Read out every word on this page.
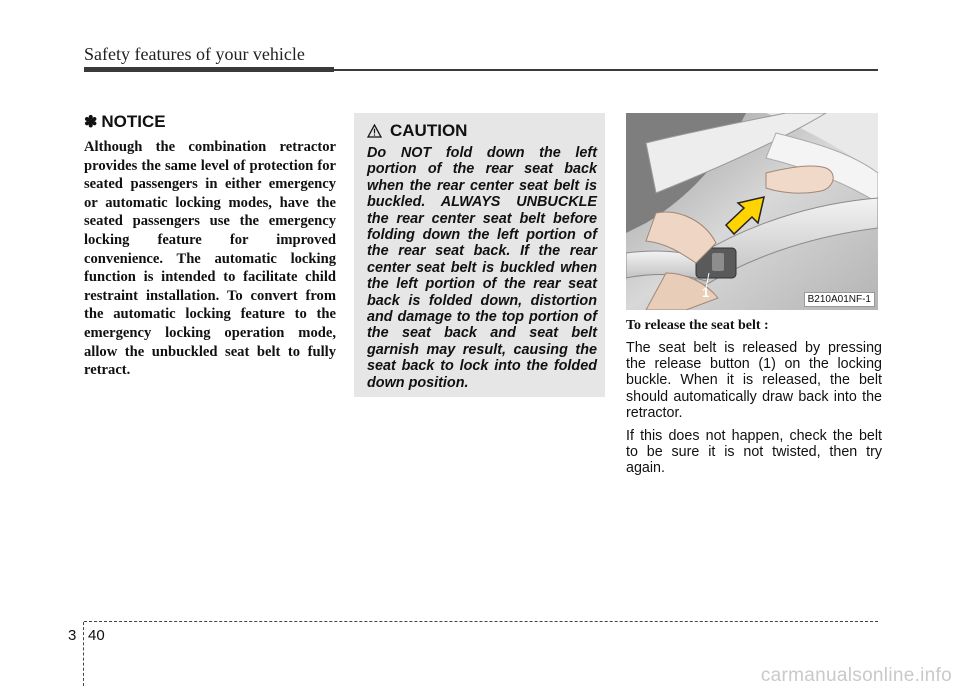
Safety features of your vehicle
✽ NOTICE
Although the combination retractor provides the same level of protection for seated passengers in either emergency or automatic locking modes, have the seated passengers use the emergency locking feature for improved convenience. The automatic locking function is intended to facilitate child restraint installation. To convert from the automatic locking feature to the emergency locking operation mode, allow the unbuckled seat belt to fully retract.
CAUTION
Do NOT fold down the left portion of the rear seat back when the rear center seat belt is buckled. ALWAYS UNBUCKLE the rear center seat belt before folding down the left portion of the rear seat back. If the rear center seat belt is buckled when the left portion of the rear seat back is folded down, distortion and damage to the top portion of the seat back and seat belt garnish may result, causing the seat back to lock into the folded down position.
1	B210A01NF-1
To release the seat belt :

The seat belt is released by pressing the release button (1) on the locking buckle. When it is released, the belt should automatically draw back into the retractor.

If this does not happen, check the belt to be sure it is not twisted, then try again.

3 40
carmanualsonline.info
